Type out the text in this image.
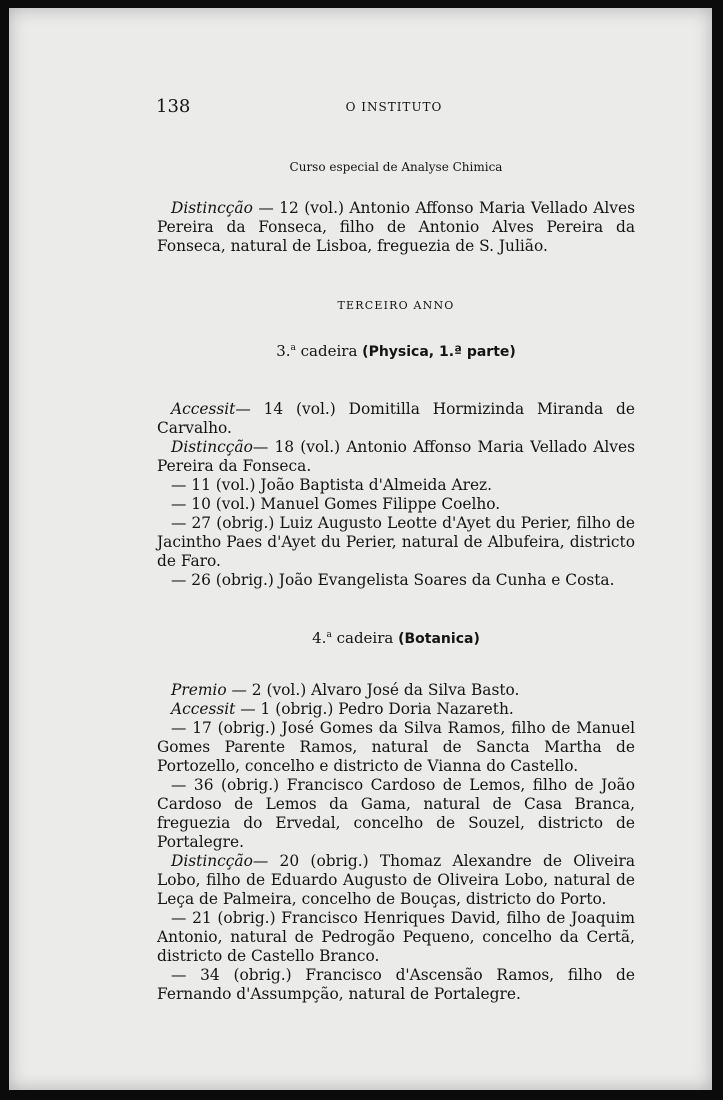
138	O INSTITUTO

Curso especial de Analyse Chimica

Distincção — 12 (vol.) Antonio Affonso Maria Vellado Alves Pereira da Fonseca, filho de Antonio Alves Pereira da Fonseca, natural de Lisboa, freguezia de S. Julião.

TERCEIRO ANNO

3.$^a$ cadeira (Physica, 1.ª parte)

Accessit— 14 (vol.) Domitilla Hormizinda Miranda de Carvalho.

Distincção— 18 (vol.) Antonio Affonso Maria Vellado Alves Pereira da Fonseca.

— 11 (vol.) João Baptista d'Almeida Arez.

— 10 (vol.) Manuel Gomes Filippe Coelho.

— 27 (obrig.) Luiz Augusto Leotte d'Ayet du Perier, filho de Jacintho Paes d'Ayet du Perier, natural de Albufeira, districto de Faro.

— 26 (obrig.) João Evangelista Soares da Cunha e Costa.

4.$^a$ cadeira (Botanica)

Premio — 2 (vol.) Alvaro José da Silva Basto.

Accessit — 1 (obrig.) Pedro Doria Nazareth.

— 17 (obrig.) José Gomes da Silva Ramos, filho de Manuel Gomes Parente Ramos, natural de Sancta Martha de Portozello, concelho e districto de Vianna do Castello.

— 36 (obrig.) Francisco Cardoso de Lemos, filho de João Cardoso de Lemos da Gama, natural de Casa Branca, freguezia do Ervedal, concelho de Souzel, districto de Portalegre.

Distincção— 20 (obrig.) Thomaz Alexandre de Oliveira Lobo, filho de Eduardo Augusto de Oliveira Lobo, natural de Leça de Palmeira, concelho de Bouças, districto do Porto.

— 21 (obrig.) Francisco Henriques David, filho de Joaquim Antonio, natural de Pedrogão Pequeno, concelho da Certã, districto de Castello Branco.

— 34 (obrig.) Francisco d'Ascensão Ramos, filho de Fernando d'Assumpção, natural de Portalegre.
